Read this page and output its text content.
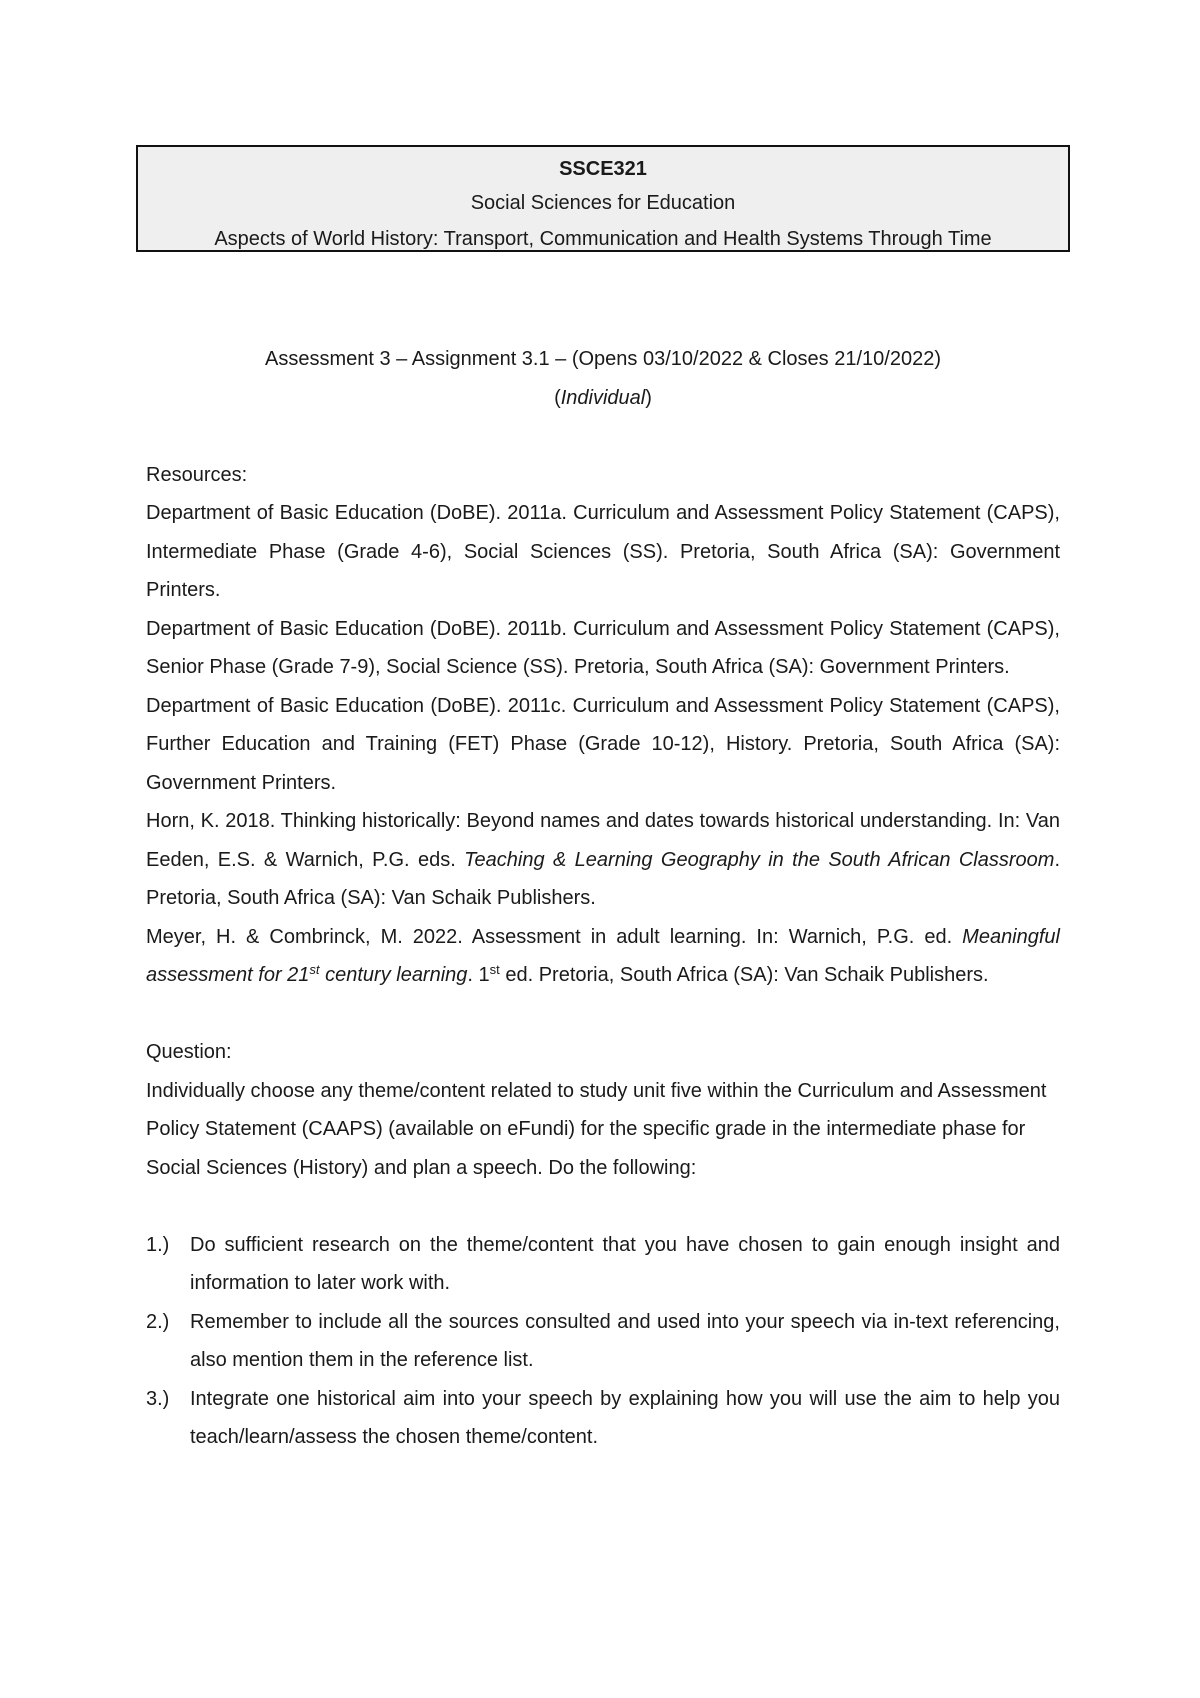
SSCE321
Social Sciences for Education
Aspects of World History: Transport, Communication and Health Systems Through Time
Assessment 3 – Assignment 3.1 – (Opens 03/10/2022 & Closes 21/10/2022)
(Individual)
Resources:
Department of Basic Education (DoBE). 2011a. Curriculum and Assessment Policy Statement (CAPS), Intermediate Phase (Grade 4-6), Social Sciences (SS). Pretoria, South Africa (SA): Government Printers.
Department of Basic Education (DoBE). 2011b. Curriculum and Assessment Policy Statement (CAPS), Senior Phase (Grade 7-9), Social Science (SS). Pretoria, South Africa (SA): Government Printers.
Department of Basic Education (DoBE). 2011c. Curriculum and Assessment Policy Statement (CAPS), Further Education and Training (FET) Phase (Grade 10-12), History. Pretoria, South Africa (SA): Government Printers.
Horn, K. 2018. Thinking historically: Beyond names and dates towards historical understanding. In: Van Eeden, E.S. & Warnich, P.G. eds. Teaching & Learning Geography in the South African Classroom. Pretoria, South Africa (SA): Van Schaik Publishers.
Meyer, H. & Combrinck, M. 2022. Assessment in adult learning. In: Warnich, P.G. ed. Meaningful assessment for 21st century learning. 1st ed. Pretoria, South Africa (SA): Van Schaik Publishers.
Question:
Individually choose any theme/content related to study unit five within the Curriculum and Assessment Policy Statement (CAAPS) (available on eFundi) for the specific grade in the intermediate phase for Social Sciences (History) and plan a speech. Do the following:
1.) Do sufficient research on the theme/content that you have chosen to gain enough insight and information to later work with.
2.) Remember to include all the sources consulted and used into your speech via in-text referencing, also mention them in the reference list.
3.) Integrate one historical aim into your speech by explaining how you will use the aim to help you teach/learn/assess the chosen theme/content.
